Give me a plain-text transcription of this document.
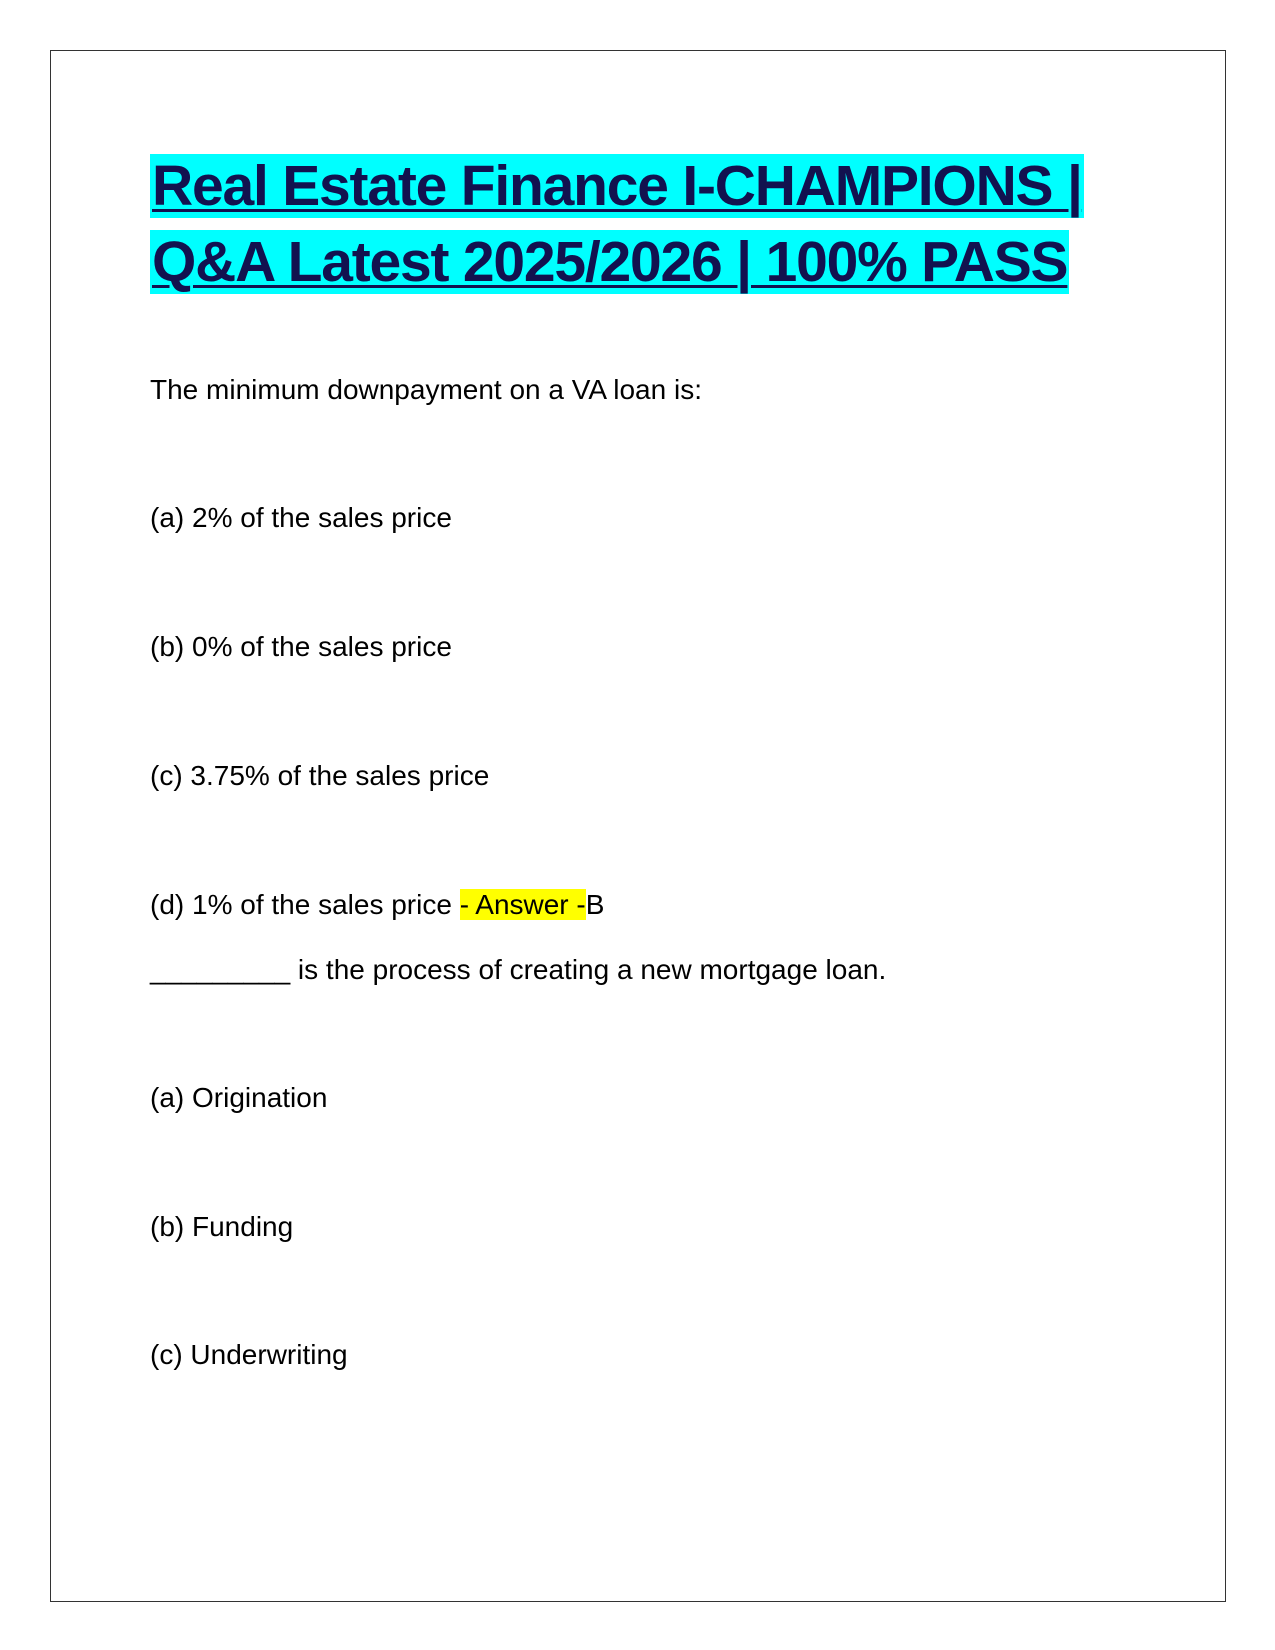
Real Estate Finance I-CHAMPIONS |
Q&A Latest 2025/2026 | 100% PASS

The minimum downpayment on a VA loan is:

(a) 2% of the sales price

(b) 0% of the sales price

(c) 3.75% of the sales price

(d) 1% of the sales price - Answer -B

_________ is the process of creating a new mortgage loan.

(a) Origination

(b) Funding

(c) Underwriting
